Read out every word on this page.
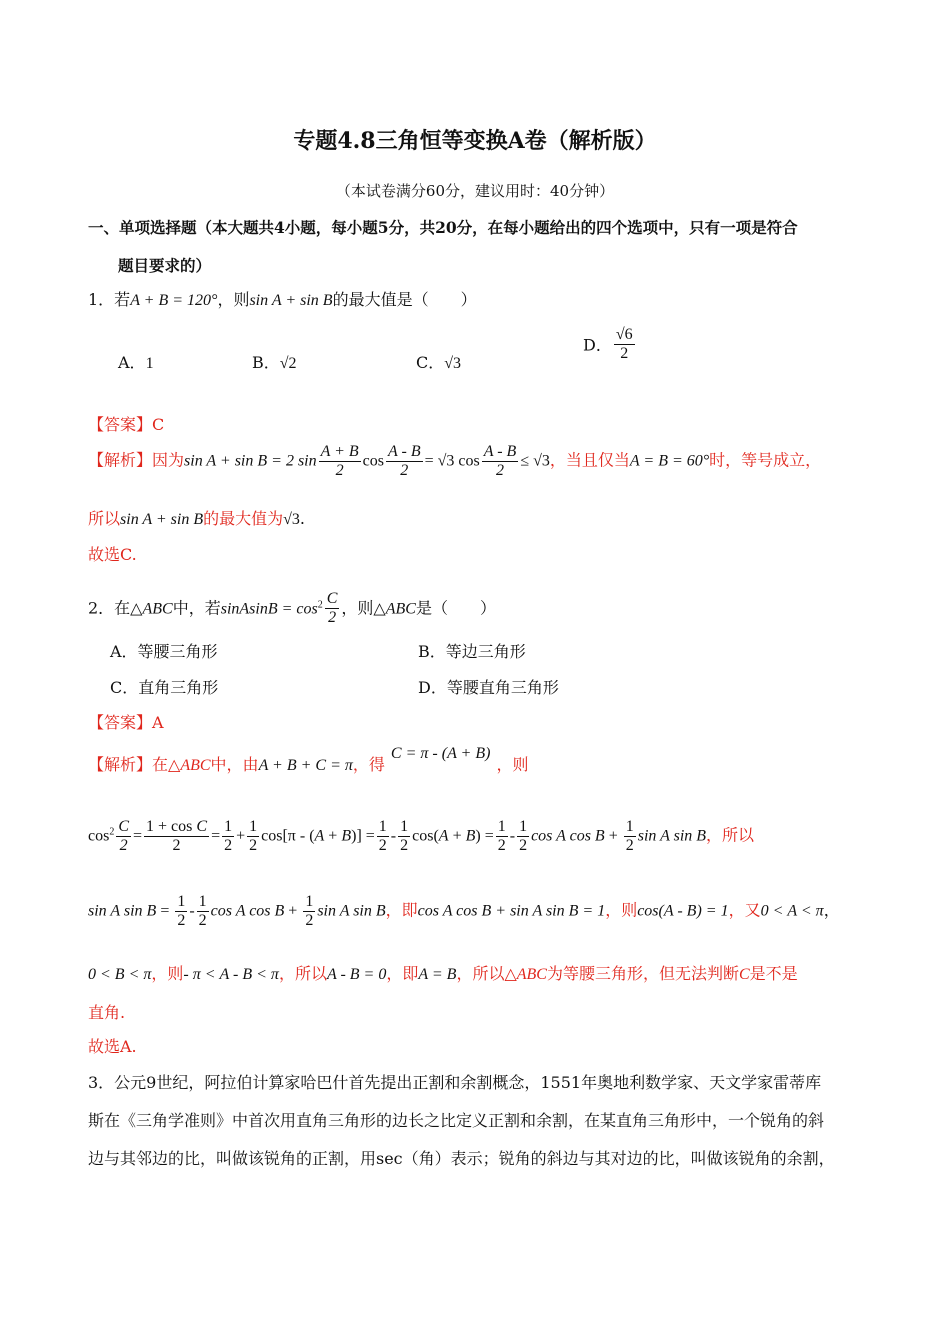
专题4.8三角恒等变换A卷（解析版）
（本试卷满分60分，建议用时：40分钟）
一、单项选择题（本大题共4小题，每小题5分，共20分，在每小题给出的四个选项中，只有一项是符合
题目要求的）
1．若A + B = 120°，则sin A + sin B的最大值是（　　）
A．1	B．√2	C．√3
D． $\frac{√6}{2}$
【答案】C
【解析】因为sin A + sin B = 2 $\sin \frac{A + B}{2}$ $\cos \frac{A - B}{2} = √3$ $\cos \frac{A - B}{2} \le √3$，当且仅当A = B = 60°时，等号成立，
所以sin A + sin B的最大值为√3.
故选C.
2．在△ABC中，若sinAsinB = $\cos^2 \frac{C}{2}$ ，则△ABC是（　　）
A．等腰三角形	B．等边三角形
C．直角三角形	D．等腰直角三角形
【答案】A
【解析】在△ABC中，由A + B + C = π，得C = π - (A + B)，则
$\cos^2 \frac{C}{2} = \frac{\text{1 + cos C}}{2} = \frac{1}{2} + \frac{1}{2} \cos[\pi - (A + B)] = \frac{1}{2} - \frac{1}{2} \cos(A + B) = \frac{1}{2} - \frac{1}{2}$ cos A $\cos B + \frac{1}{2}$ sin A sin B，所以
sin A $\sin B = \frac{1}{2} - \frac{1}{2}$ cos A $\cos B + \frac{1}{2}$ sin A sin B，即cos A cos B + sin A sin B = 1，则cos(A - B) = 1，又0 < A < π，
0 < B < π，则- π < A - B < π，所以A - B = 0，即A = B，所以△ABC为等腰三角形，但无法判断C是不是
直角.
故选A.
3．公元9世纪，阿拉伯计算家哈巴什首先提出正割和余割概念，1551年奥地利数学家、天文学家雷蒂库
斯在《三角学准则》中首次用直角三角形的边长之比定义正割和余割，在某直角三角形中，一个锐角的斜
边与其邻边的比，叫做该锐角的正割，用sec（角）表示；锐角的斜边与其对边的比，叫做该锐角的余割，
